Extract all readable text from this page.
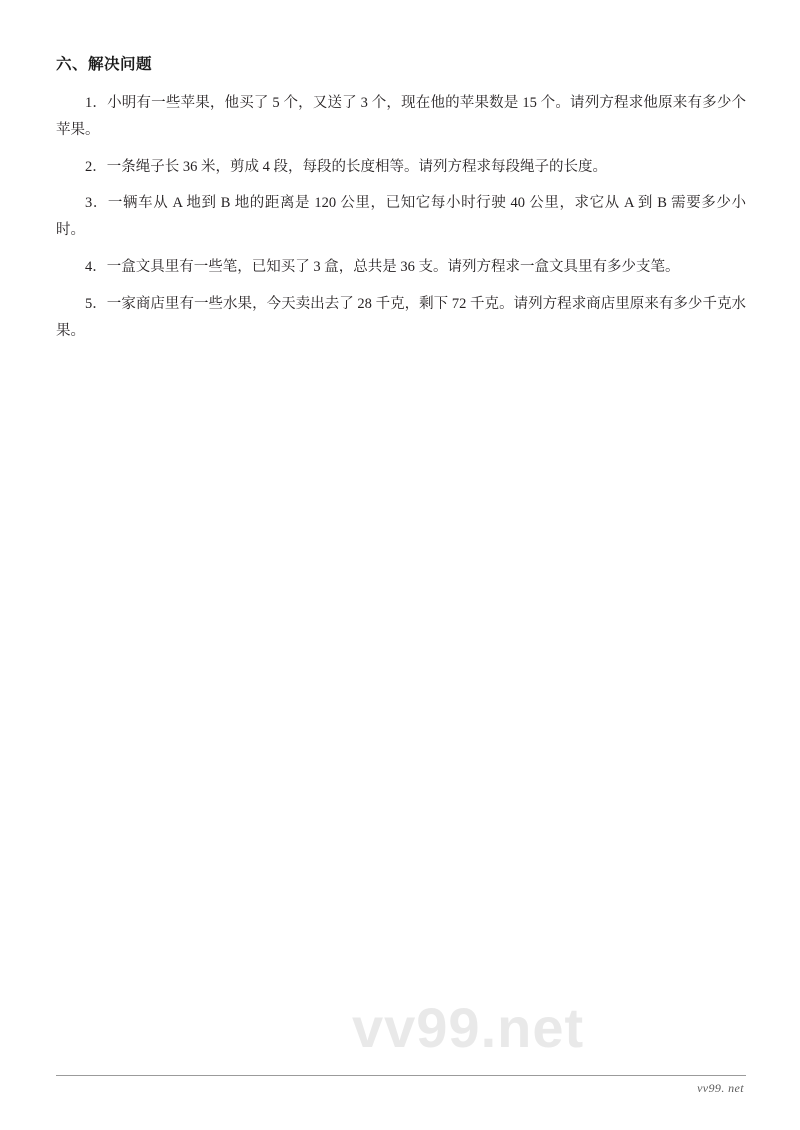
六、解决问题

1．小明有一些苹果，他买了 5 个，又送了 3 个，现在他的苹果数是 15 个。请列方程求他原来有多少个苹果。

2．一条绳子长 36 米，剪成 4 段，每段的长度相等。请列方程求每段绳子的长度。

3．一辆车从 A 地到 B 地的距离是 120 公里，已知它每小时行驶 40 公里，求它从 A 到 B 需要多少小时。

4．一盒文具里有一些笔，已知买了 3 盒，总共是 36 支。请列方程求一盒文具里有多少支笔。

5．一家商店里有一些水果，今天卖出去了 28 千克，剩下 72 千克。请列方程求商店里原来有多少千克水果。

vv99.net
vv99. net
